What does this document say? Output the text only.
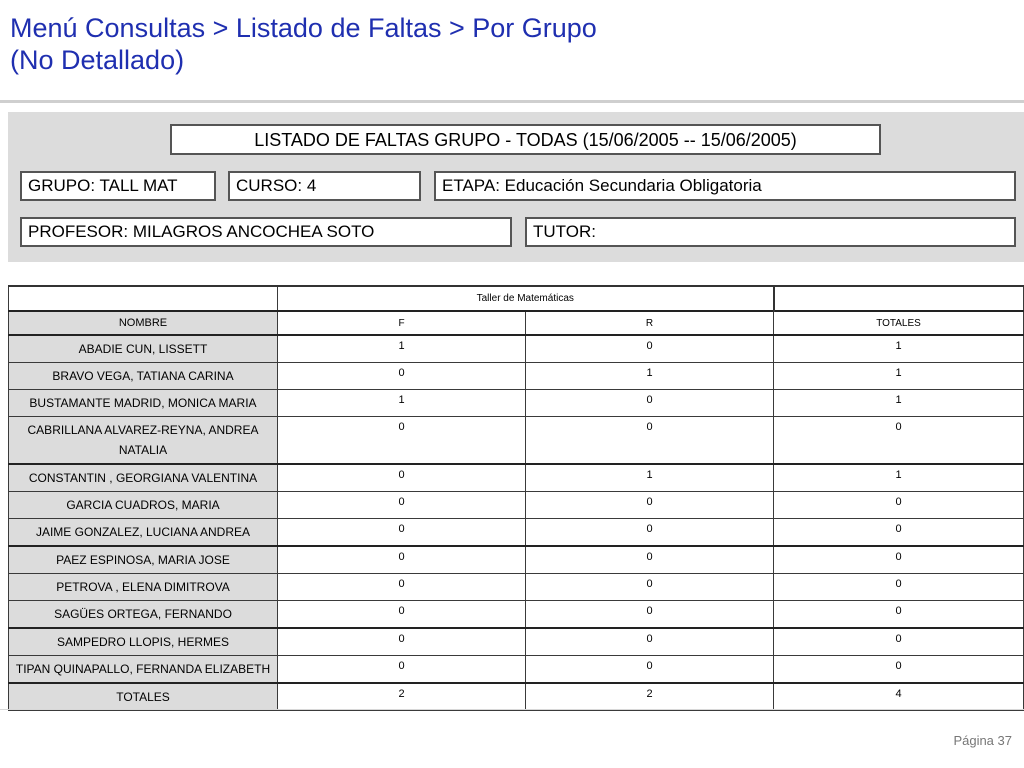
Menú Consultas > Listado de Faltas > Por Grupo
(No Detallado)
LISTADO DE FALTAS GRUPO - TODAS (15/06/2005 -- 15/06/2005)
GRUPO: TALL MAT	CURSO: 4	ETAPA: Educación Secundaria Obligatoria
PROFESOR: MILAGROS ANCOCHEA SOTO	TUTOR:
	Taller de Matemáticas		
NOMBRE	F	R	TOTALES
ABADIE CUN, LISSETT	1	0	1
BRAVO VEGA, TATIANA CARINA	0	1	1
BUSTAMANTE MADRID, MONICA MARIA	1	0	1
CABRILLANA ALVAREZ-REYNA, ANDREA NATALIA	0	0	0
CONSTANTIN , GEORGIANA VALENTINA	0	1	1
GARCIA CUADROS, MARIA	0	0	0
JAIME GONZALEZ, LUCIANA ANDREA	0	0	0
PAEZ ESPINOSA, MARIA JOSE	0	0	0
PETROVA , ELENA DIMITROVA	0	0	0
SAGÜES ORTEGA, FERNANDO	0	0	0
SAMPEDRO LLOPIS, HERMES	0	0	0
TIPAN QUINAPALLO, FERNANDA ELIZABETH	0	0	0
TOTALES	2	2	4
Página 37
